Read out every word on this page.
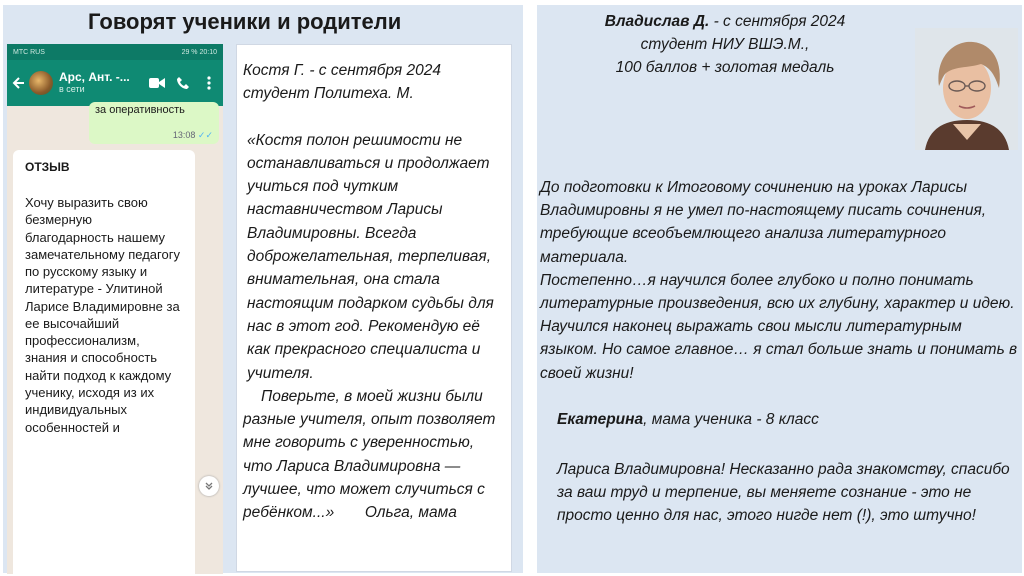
Говорят ученики и родители
МТС RUS	29 % 20:10
Арс, Ант. -...
в сети
за оперативность
13:08 ✓✓
ОТЗЫВ
Хочу выразить свою безмерную благодарность нашему замечательному педагогу по русскому языку и литературе - Улитиной Ларисе Владимировне за ее высочайший профессионализм, знания и способность найти подход к каждому ученику, исходя из их индивидуальных особенностей и

Костя Г. - с сентября 2024

студент Политеха. М.

«Костя полон решимости не останавливаться и продолжает учиться под чутким наставничеством Ларисы Владимировны. Всегда доброжелательная, терпеливая, внимательная, она стала настоящим подарком судьбы для нас в этот год. Рекомендую её как прекрасного специалиста и учителя.

Поверьте, в моей жизни были разные учителя, опыт позволяет мне говорить с уверенностью, что Лариса Владимировна — лучшее, что может случиться с ребёнком...» Ольга, мама

Владислав Д. - с сентября 2024
студент НИУ ВШЭ.М.,
100 баллов + золотая медаль

До подготовки к Итоговому сочинению на уроках Ларисы Владимировны я не умел по-настоящему писать сочинения, требующие всеобъемлющего анализа литературного материала.

Постепенно…я научился более глубоко и полно понимать литературные произведения, всю их глубину, характер и идею. Научился наконец выражать свои мысли литературным языком. Но самое главное… я стал больше знать и понимать в своей жизни!

Екатерина, мама ученика - 8 класс
Лариса Владимировна! Несказанно рада знакомству, спасибо за ваш труд и терпение, вы меняете сознание - это не просто ценно для нас, этого нигде нет (!), это штучно!
